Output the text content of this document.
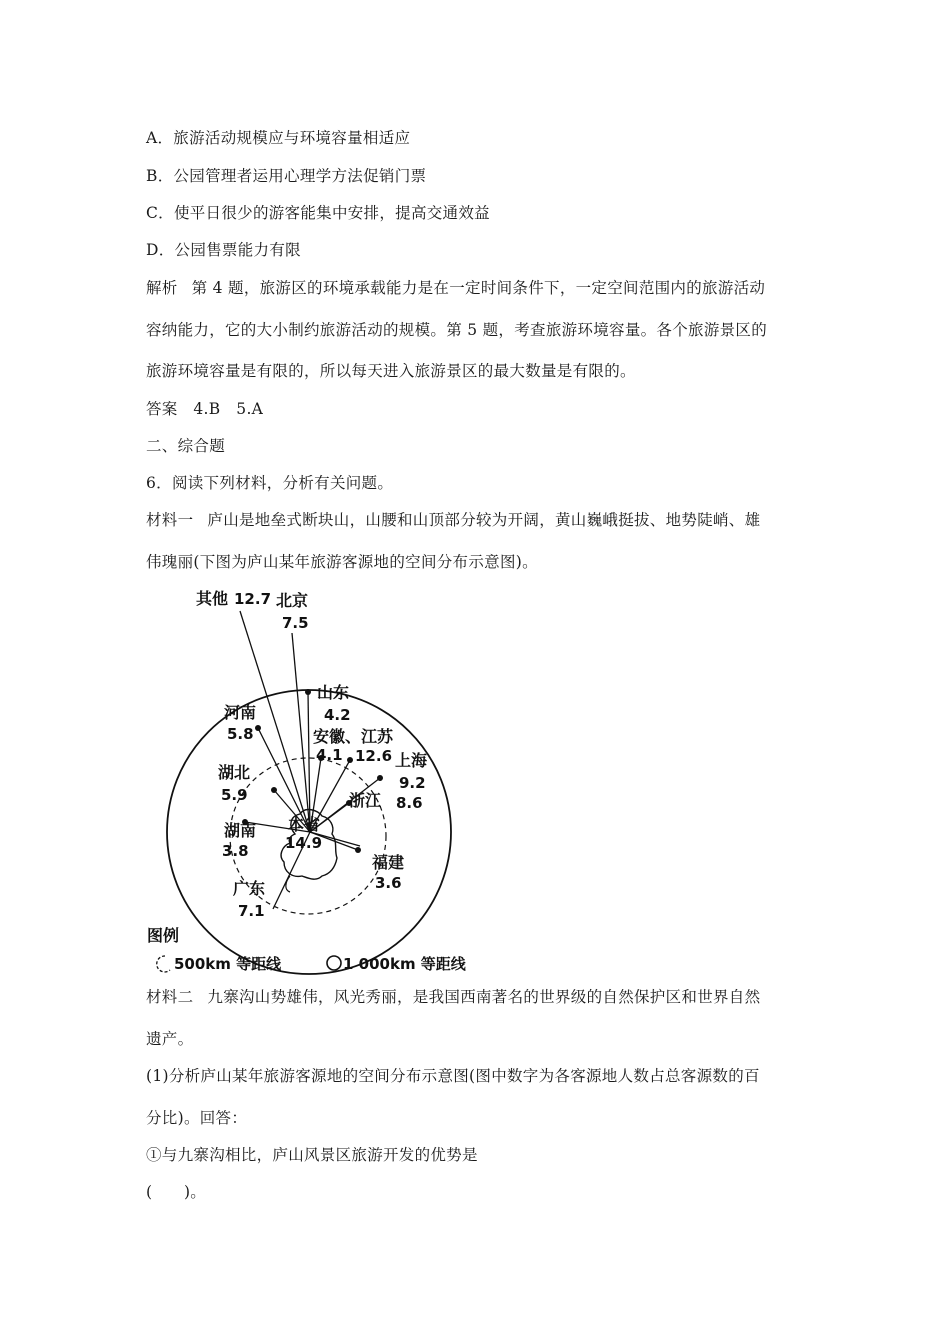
A．旅游活动规模应与环境容量相适应
B．公园管理者运用心理学方法促销门票
C．使平日很少的游客能集中安排，提高交通效益
D．公园售票能力有限
解析 第 4 题，旅游区的环境承载能力是在一定时间条件下，一定空间范围内的旅游活动
容纳能力，它的大小制约旅游活动的规模。第 5 题，考查旅游环境容量。各个旅游景区的
旅游环境容量是有限的，所以每天进入旅游景区的最大数量是有限的。
答案　4.B　5.A
二、综合题
6．阅读下列材料，分析有关问题。
材料一 庐山是地垒式断块山，山腰和山顶部分较为开阔，黄山巍峨挺拔、地势陡峭、雄
伟瑰丽(下图为庐山某年旅游客源地的空间分布示意图)。
其他 12.7 北京
7.5
山东
4.2
河南
5.8	安徽、
4.1
江苏
12.6 上海
9.2
湖北
5.9	浙江 8.6
本省
14.9
湖南
3.8
福建
3.6
广东
7.1
图例
500km 等距线	1 000km 等距线
材料二 九寨沟山势雄伟，风光秀丽，是我国西南著名的世界级的自然保护区和世界自然
遗产。
(1)分析庐山某年旅游客源地的空间分布示意图(图中数字为各客源地人数占总客源数的百
分比)。回答：
①与九寨沟相比，庐山风景区旅游开发的优势是
(　　)。
